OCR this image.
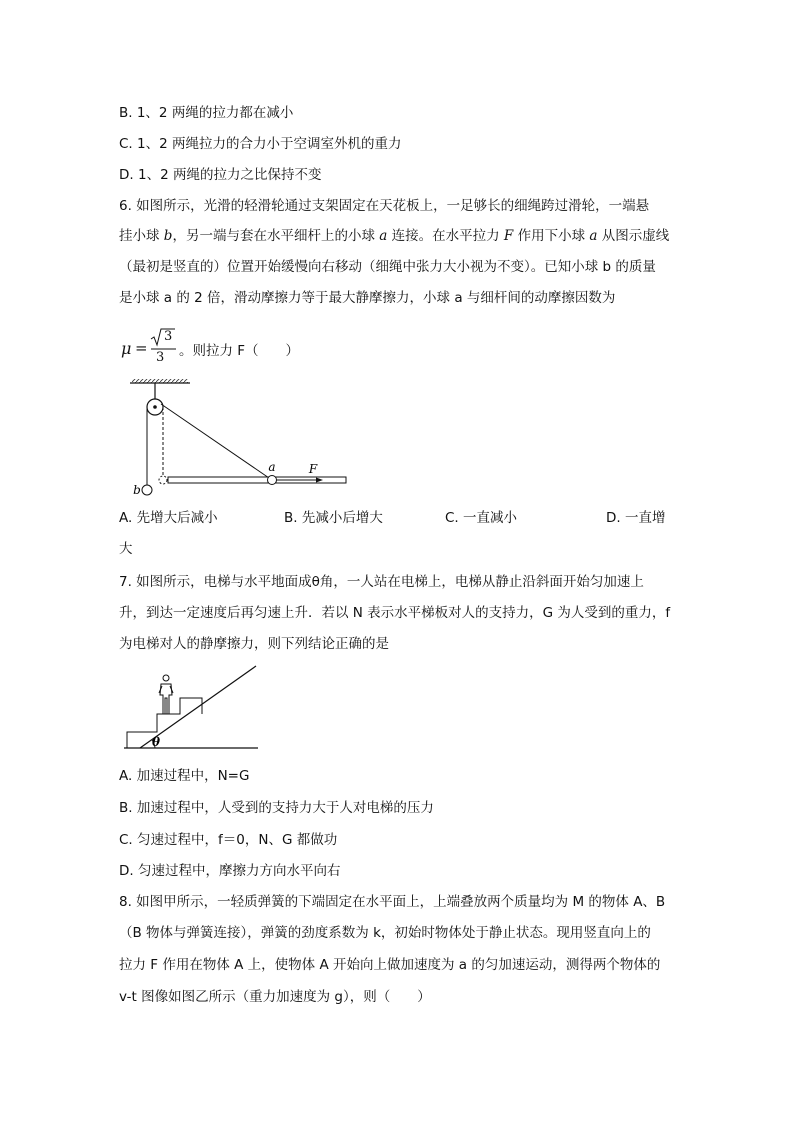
B. 1、2 两绳的拉力都在减小
C. 1、2 两绳拉力的合力小于空调室外机的重力
D. 1、2 两绳的拉力之比保持不变
6. 如图所示，光滑的轻滑轮通过支架固定在天花板上，一足够长的细绳跨过滑轮，一端悬
挂小球 b，另一端与套在水平细杆上的小球 a 连接。在水平拉力 F 作用下小球 a 从图示虚线
（最初是竖直的）位置开始缓慢向右移动（细绳中张力大小视为不变）。已知小球 b 的质量
是小球 a 的 2 倍，滑动摩擦力等于最大静摩擦力，小球 a 与细杆间的动摩擦因数为
μ =
3
3 。则拉力 F（　　）
a	F
b
A. 先增大后减小	B. 先减小后增大	C. 一直减小	D. 一直增
大
7. 如图所示，电梯与水平地面成θ角，一人站在电梯上，电梯从静止沿斜面开始匀加速上
升，到达一定速度后再匀速上升．若以 N 表示水平梯板对人的支持力，G 为人受到的重力，f
为电梯对人的静摩擦力，则下列结论正确的是
θ
A. 加速过程中，N=G
B. 加速过程中，人受到的支持力大于人对电梯的压力
C. 匀速过程中，f＝0，N、G 都做功
D. 匀速过程中，摩擦力方向水平向右
8. 如图甲所示，一轻质弹簧的下端固定在水平面上，上端叠放两个质量均为 M 的物体 A、B
（B 物体与弹簧连接），弹簧的劲度系数为 k，初始时物体处于静止状态。现用竖直向上的
拉力 F 作用在物体 A 上，使物体 A 开始向上做加速度为 a 的匀加速运动，测得两个物体的
v-t 图像如图乙所示（重力加速度为 g），则（　　）
